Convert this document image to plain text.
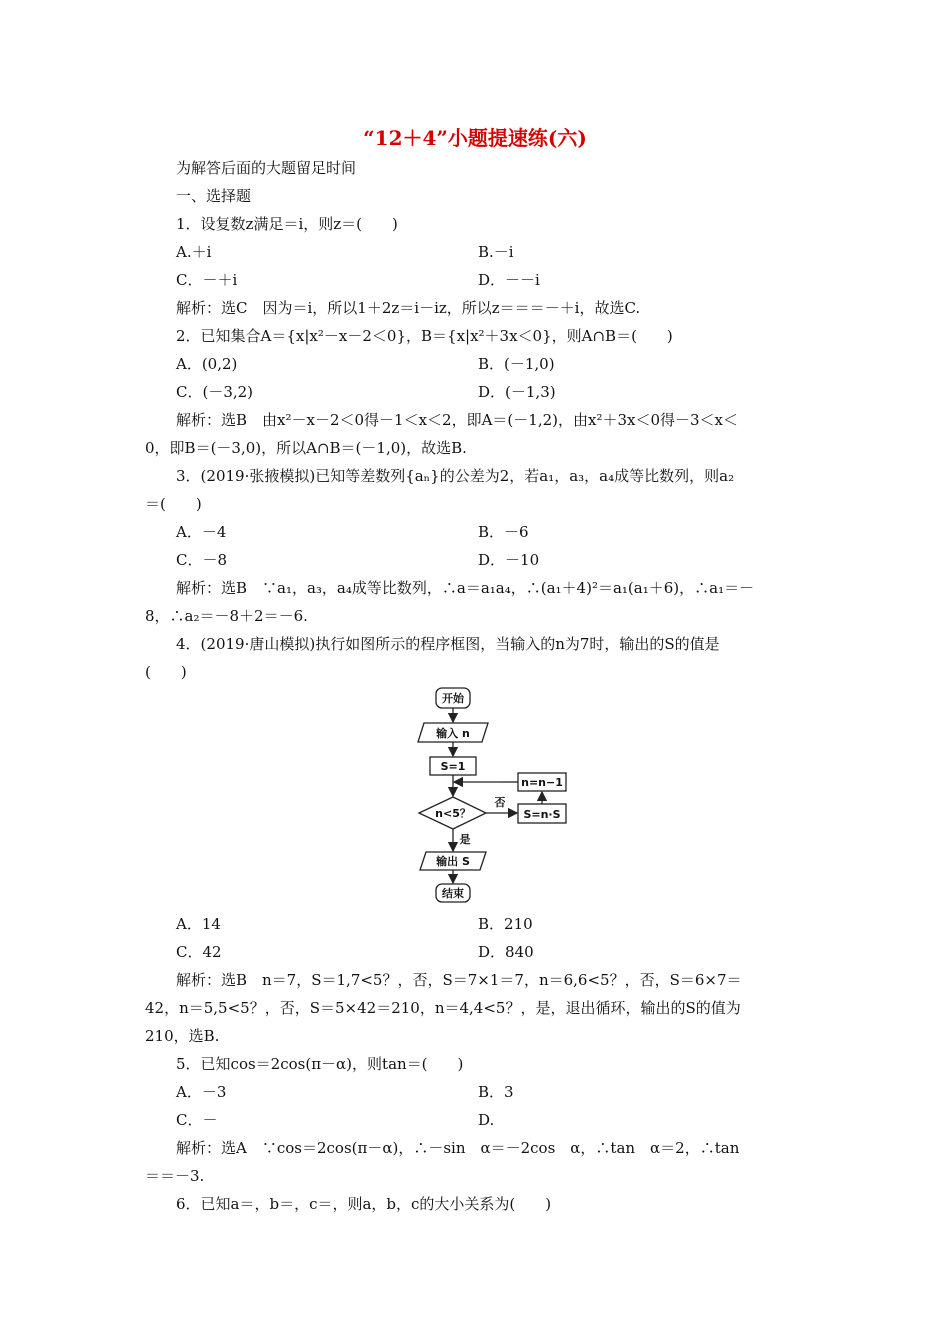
“12＋4”小题提速练(六)
为解答后面的大题留足时间
一、选择题
1．设复数z满足＝i，则z＝(　　)
A.＋i	B.－i
C．－＋i	D．－－i
解析：选C　因为＝i，所以1＋2z＝i－iz，所以z＝＝＝－＋i，故选C.
2．已知集合A＝{x|x²－x－2＜0}，B＝{x|x²＋3x＜0}，则A∩B＝(　　)
A．(0,2)	B．(－1,0)
C．(－3,2)	D．(－1,3)
解析：选B　由x²－x－2＜0得－1＜x＜2，即A＝(－1,2)，由x²＋3x＜0得－3＜x＜
0，即B＝(－3,0)，所以A∩B＝(－1,0)，故选B.
3．(2019·张掖模拟)已知等差数列{aₙ}的公差为2，若a₁，a₃，a₄成等比数列，则a₂
＝(　　)
A．－4	B．－6
C．－8	D．－10
解析：选B　∵a₁，a₃，a₄成等比数列，∴a＝a₁a₄，∴(a₁＋4)²＝a₁(a₁＋6)，∴a₁＝－
8，∴a₂＝－8＋2＝－6.
4．(2019·唐山模拟)执行如图所示的程序框图，当输入的n为7时，输出的S的值是
(　　)
开始
输入 n
S=1
n<5？
否
是
S=n·S
n=n−1
输出 S
结束
A．14	B．210
C．42	D．840
解析：选B　n＝7，S＝1,7<5？，否，S＝7×1＝7，n＝6,6<5？，否，S＝6×7＝
42，n＝5,5<5？，否，S＝5×42＝210，n＝4,4<5？，是，退出循环，输出的S的值为
210，选B.
5．已知cos＝2cos(π－α)，则tan＝(　　)
A．－3	B．3
C．－	D.
解析：选A　∵cos＝2cos(π－α)，∴－sin　α＝－2cos　α，∴tan　α＝2，∴tan
＝＝－3.
6．已知a＝，b＝，c＝，则a，b，c的大小关系为(　　)
